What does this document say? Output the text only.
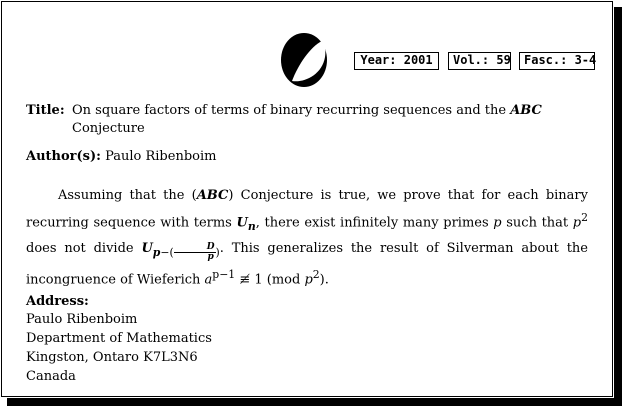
Year: 2001	Vol.: 59	Fasc.: 3-4
Title: On square factors of terms of binary recurring sequences and the ABC Conjecture
Author(s): Paulo Ribenboim
Assuming that the (ABC) Conjecture is true, we prove that for each binary recurring sequence with terms $U_n$, there exist infinitely many primes p such that $p^2$ does not divide $U_{p-( D p )}$. This generalizes the result of Silverman about the incongruence of Wieferich $a^{p-1}$ ≢ 1 (mod $p^2$).
Address:
Paulo Ribenboim
Department of Mathematics
Kingston, Ontaro K7L3N6
Canada
